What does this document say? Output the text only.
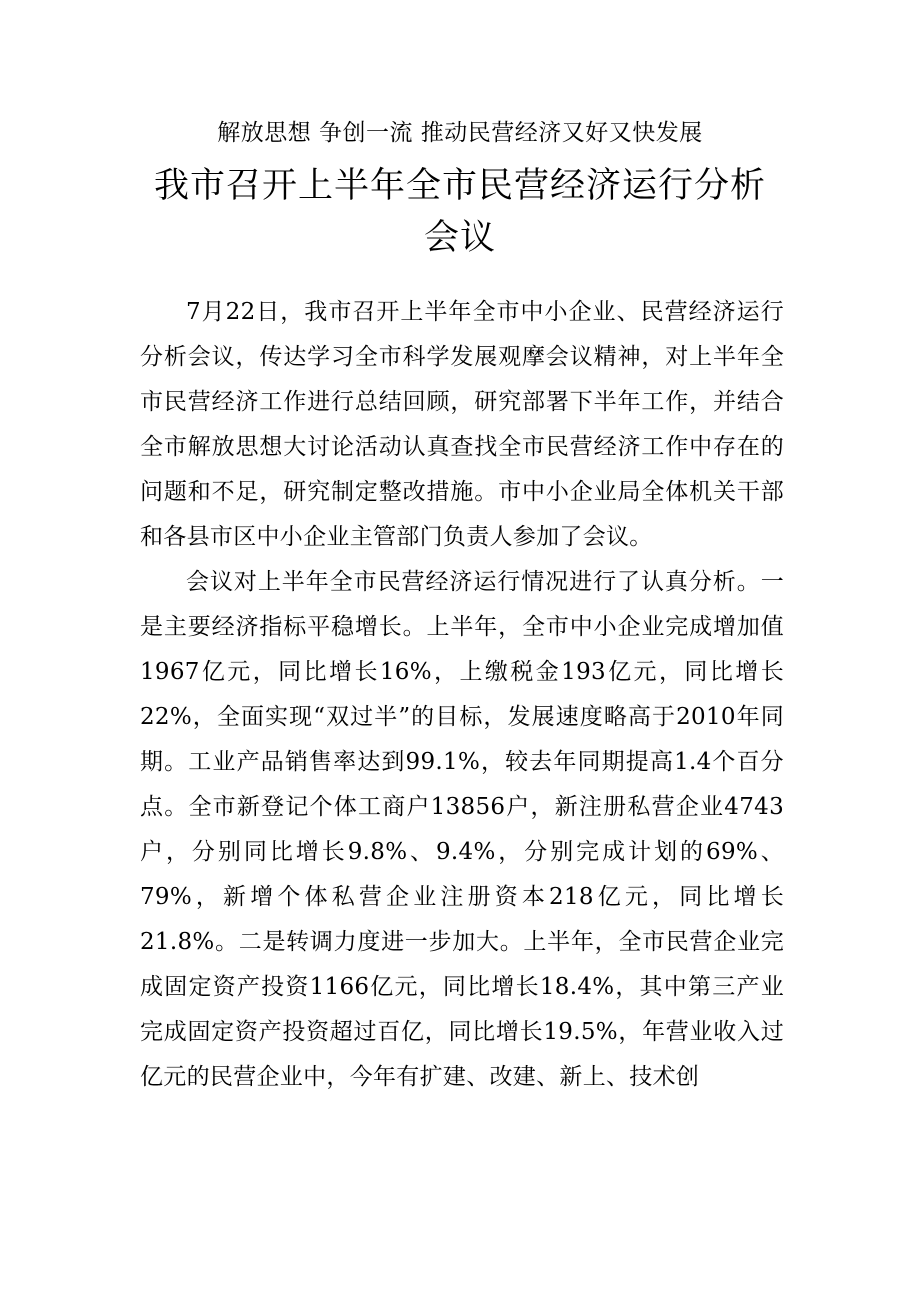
解放思想 争创一流 推动民营经济又好又快发展
我市召开上半年全市民营经济运行分析会议

7月22日，我市召开上半年全市中小企业、民营经济运行分析会议，传达学习全市科学发展观摩会议精神，对上半年全市民营经济工作进行总结回顾，研究部署下半年工作，并结合全市解放思想大讨论活动认真查找全市民营经济工作中存在的问题和不足，研究制定整改措施。市中小企业局全体机关干部和各县市区中小企业主管部门负责人参加了会议。

会议对上半年全市民营经济运行情况进行了认真分析。一是主要经济指标平稳增长。上半年，全市中小企业完成增加值1967亿元，同比增长16%，上缴税金193亿元，同比增长22%，全面实现“双过半”的目标，发展速度略高于2010年同期。工业产品销售率达到99.1%，较去年同期提高1.4个百分点。全市新登记个体工商户13856户，新注册私营企业4743户，分别同比增长9.8%、9.4%，分别完成计划的69%、79%，新增个体私营企业注册资本218亿元，同比增长21.8%。二是转调力度进一步加大。上半年，全市民营企业完成固定资产投资1166亿元，同比增长18.4%，其中第三产业完成固定资产投资超过百亿，同比增长19.5%，年营业收入过亿元的民营企业中，今年有扩建、改建、新上、技术创
